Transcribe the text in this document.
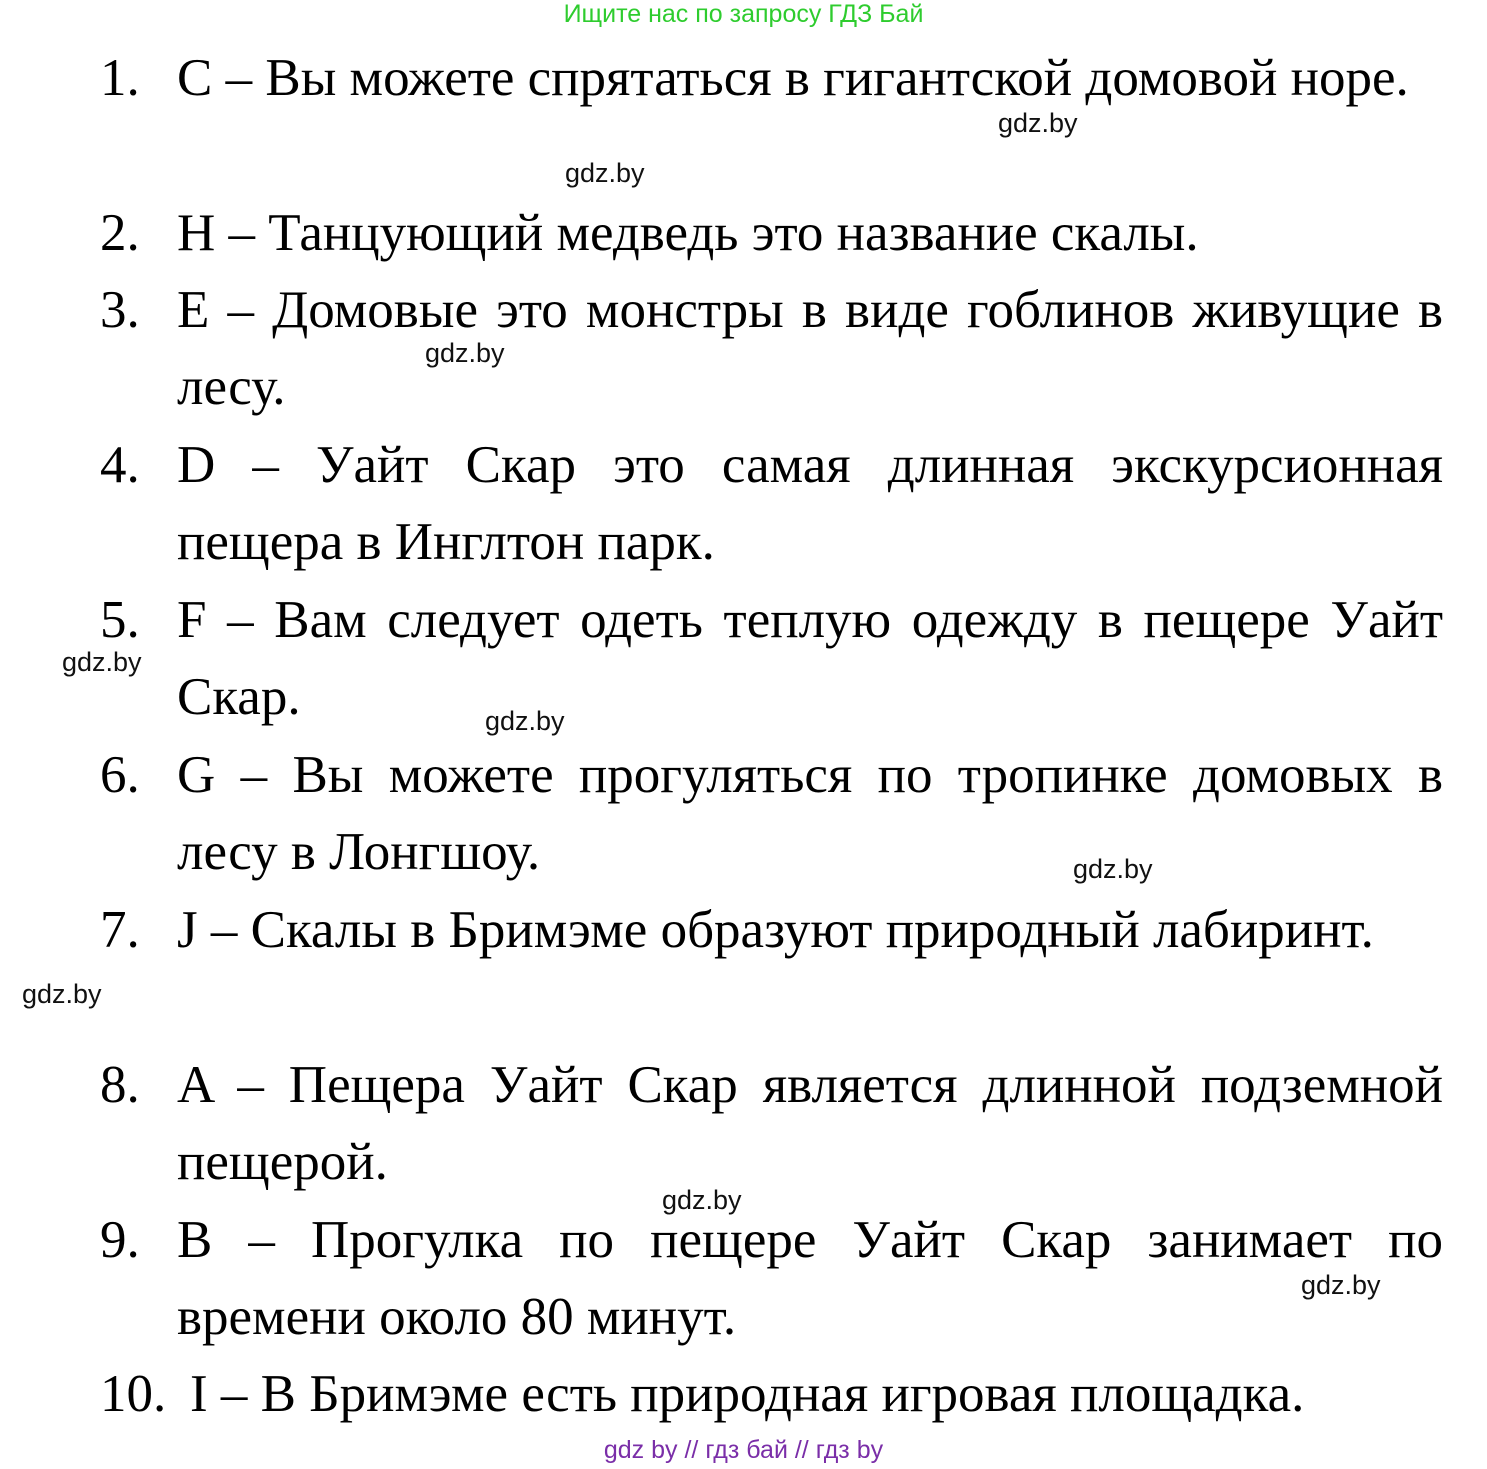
Ищите нас по запросу ГДЗ Бай
1. C – Вы можете спрятаться в гигантской домовой норе.
2. H – Танцующий медведь это название скалы.
3. E – Домовые это монстры в виде гоблинов живущие в лесу.
4. D – Уайт Скар это самая длинная экскурсионная пещера в Инглтон парк.
5. F – Вам следует одеть теплую одежду в пещере Уайт Скар.
6. G – Вы можете прогуляться по тропинке домовых в лесу в Лонгшоу.
7. J – Скалы в Бримэме образуют природный лабиринт.
8. A – Пещера Уайт Скар является длинной подземной пещерой.
9. B – Прогулка по пещере Уайт Скар занимает по времени около 80 минут.
10. I – В Бримэме есть природная игровая площадка.
gdz.by
gdz.by
gdz.by
gdz.by
gdz.by
gdz.by
gdz.by
gdz.by
gdz.by
gdz by // гдз бай // гдз by
